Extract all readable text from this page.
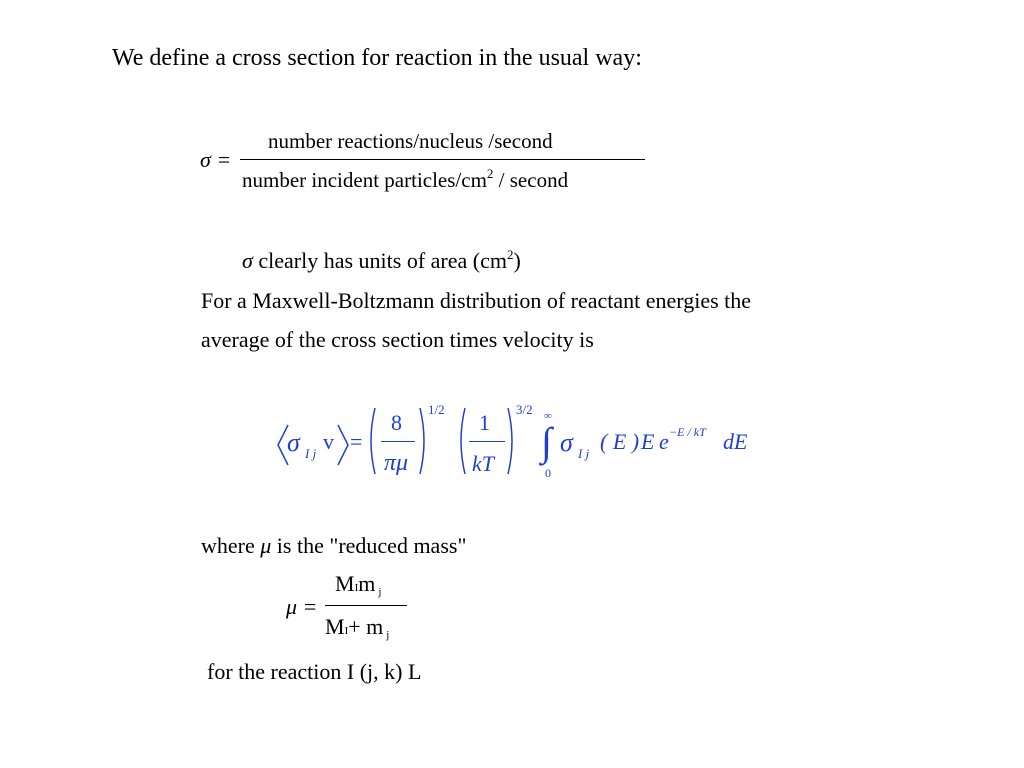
We define a cross section for reaction in the usual way:
σ =
number reactions/nucleus /second
number incident particles/$cm^2$ / second
σ clearly has units of area $(cm^2)$
For a Maxwell-Boltzmann distribution of reactant energies the
average of the cross section times velocity is
σ I j v =
8
πμ
1/2
1
kT
3/2 ∞
∫
0
σ I j ( E ) E e −E / kT dE
where μ is the "reduced mass"
μ =
MIm j
MI+ m j
for the reaction I (j, k) L
